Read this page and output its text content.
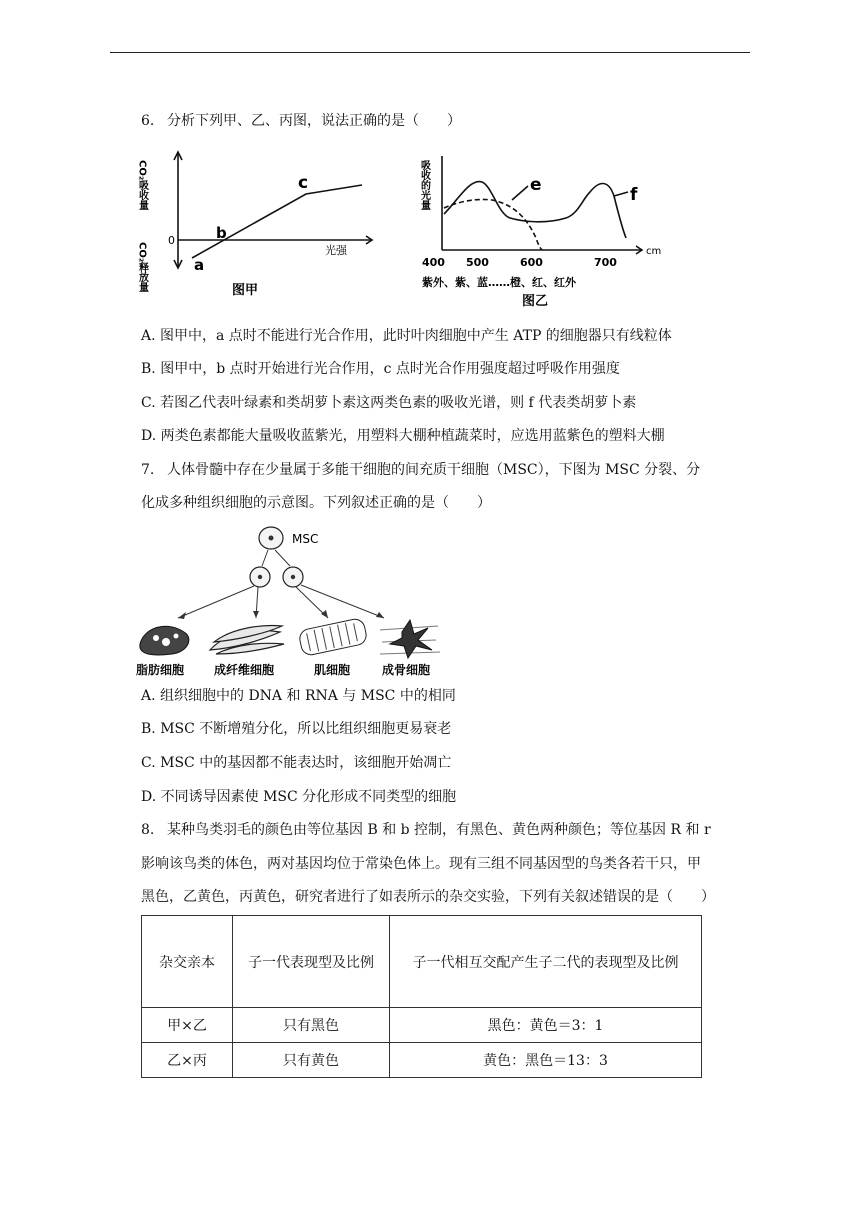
6. 分析下列甲、乙、丙图，说法正确的是（　　）
CO₂吸收量
0
CO₂释放量	光强
a
b
c
图甲
吸收的光量	e	f
400 500	600	700
cm
紫外、紫、蓝……橙、红、红外
图乙
A. 图甲中，a 点时不能进行光合作用，此时叶肉细胞中产生 ATP 的细胞器只有线粒体
B. 图甲中，b 点时开始进行光合作用，c 点时光合作用强度超过呼吸作用强度
C. 若图乙代表叶绿素和类胡萝卜素这两类色素的吸收光谱，则 f 代表类胡萝卜素
D. 两类色素都能大量吸收蓝紫光，用塑料大棚种植蔬菜时，应选用蓝紫色的塑料大棚
7. 人体骨髓中存在少量属于多能干细胞的间充质干细胞（MSC），下图为 MSC 分裂、分
化成多种组织细胞的示意图。下列叙述正确的是（　　）
MSC
脂肪细胞 成纤维细胞	肌细胞	成骨细胞
A. 组织细胞中的 DNA 和 RNA 与 MSC 中的相同
B. MSC 不断增殖分化，所以比组织细胞更易衰老
C. MSC 中的基因都不能表达时，该细胞开始凋亡
D. 不同诱导因素使 MSC 分化形成不同类型的细胞
8. 某种鸟类羽毛的颜色由等位基因 B 和 b 控制，有黑色、黄色两种颜色；等位基因 R 和 r
影响该鸟类的体色，两对基因均位于常染色体上。现有三组不同基因型的鸟类各若干只，甲
黑色，乙黄色，丙黄色，研究者进行了如表所示的杂交实验，下列有关叙述错误的是（　　）
杂交亲本	子一代表现型及比例	子一代相互交配产生子二代的表现型及比例
甲×乙	只有黑色	黑色：黄色＝3：1
乙×丙	只有黄色	黄色：黑色＝13：3
